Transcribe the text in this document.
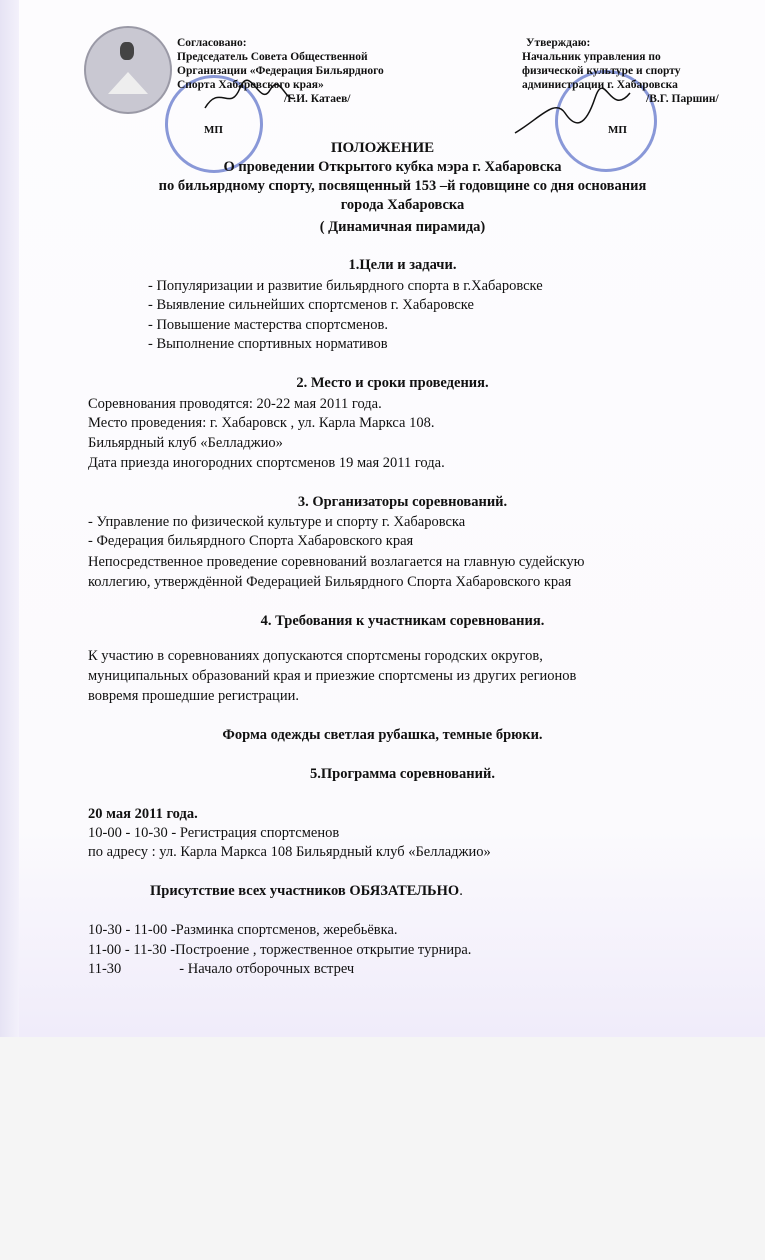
МП	МП
Согласовано:
Председатель Совета Общественной
Организации «Федерация Бильярдного
Спорта Хабаровского края»
/Г.И. Катаев/
Утверждаю:
Начальник управления по
физической культуре и спорту
администрации г. Хабаровска
/В.Г. Паршин/
ПОЛОЖЕНИЕ
О проведении Открытого кубка мэра г. Хабаровска
по бильярдному спорту, посвященный 153 –й годовщине со дня основания
города Хабаровска
( Динамичная пирамида)
1.Цели и задачи.
- Популяризации и развитие бильярдного спорта в г.Хабаровске
- Выявление сильнейших спортсменов г. Хабаровске
- Повышение мастерства спортсменов.
- Выполнение спортивных нормативов
2. Место и сроки проведения.
Соревнования проводятся: 20-22 мая 2011 года.
Место проведения: г. Хабаровск , ул. Карла Маркса 108.
Бильярдный клуб «Белладжио»
Дата приезда иногородних спортсменов 19 мая 2011 года.
3. Организаторы соревнований.
- Управление по физической культуре и спорту г. Хабаровска
- Федерация бильярдного Спорта Хабаровского края
Непосредственное проведение соревнований возлагается на главную судейскую
коллегию, утверждённой Федерацией Бильярдного Спорта Хабаровского края
4. Требования к участникам соревнования.
К участию в соревнованиях допускаются спортсмены городских округов,
муниципальных образований края и приезжие спортсмены из других регионов
вовремя прошедшие регистрации.
Форма одежды светлая рубашка, темные брюки.
5.Программа соревнований.
20 мая 2011 года.
10-00 - 10-30 - Регистрация спортсменов
по адресу : ул. Карла Маркса 108 Бильярдный клуб «Белладжио»
Присутствие всех участников ОБЯЗАТЕЛЬНО.
10-30 - 11-00 -Разминка спортсменов, жеребьёвка.
11-00 - 11-30 -Построение , торжественное открытие турнира.
11-30                - Начало отборочных встреч
